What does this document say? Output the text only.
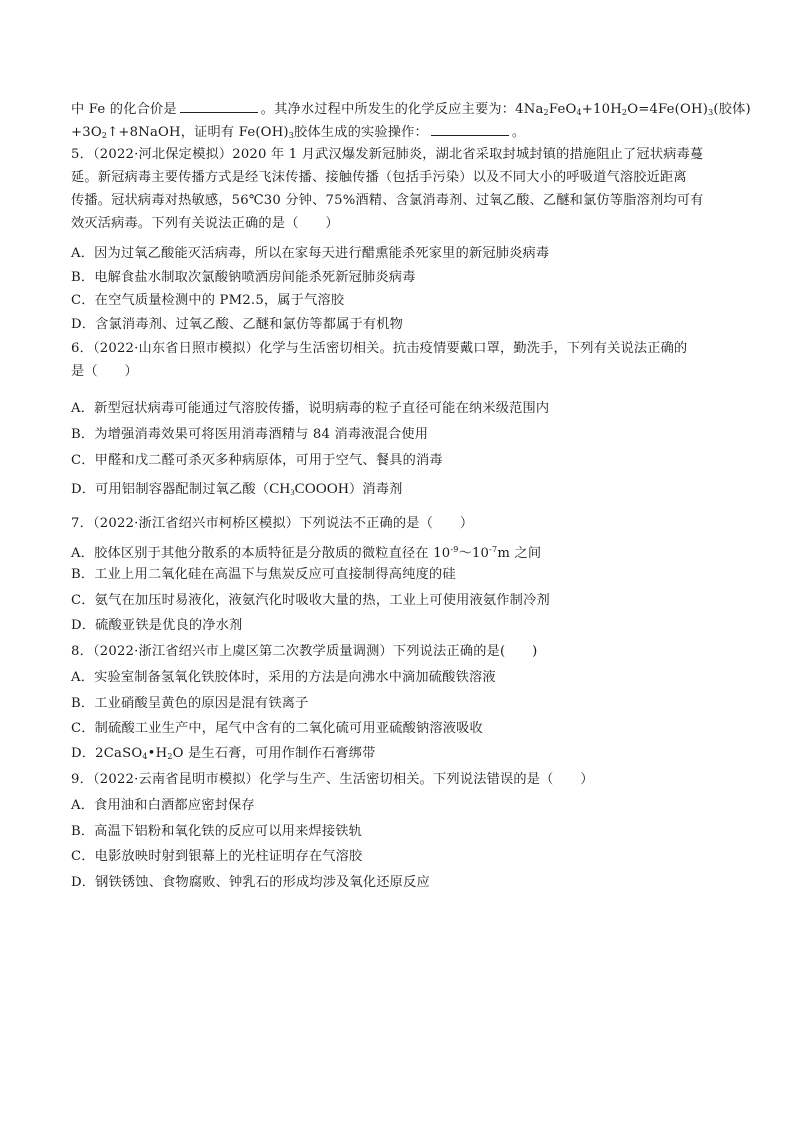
中 Fe 的化合价是	。其净水过程中所发生的化学反应主要为：$4Na_2FeO_4+10H_2O=4Fe(OH)_3$(胶体)
$+3O_2↑+8NaOH$，证明有 $Fe(OH)_3$胶体生成的实验操作：	。
5．（2022·河北保定模拟）2020 年 1 月武汉爆发新冠肺炎，湖北省采取封城封镇的措施阻止了冠状病毒蔓
延。新冠病毒主要传播方式是经飞沫传播、接触传播（包括手污染）以及不同大小的呼吸道气溶胶近距离
传播。冠状病毒对热敏感，56℃30 分钟、75%酒精、含氯消毒剂、过氧乙酸、乙醚和氯仿等脂溶剂均可有
效灭活病毒。下列有关说法正确的是（　　）
A．因为过氧乙酸能灭活病毒，所以在家每天进行醋熏能杀死家里的新冠肺炎病毒
B．电解食盐水制取次氯酸钠喷洒房间能杀死新冠肺炎病毒
C．在空气质量检测中的 PM2.5，属于气溶胶
D．含氯消毒剂、过氧乙酸、乙醚和氯仿等都属于有机物
6．（2022·山东省日照市模拟）化学与生活密切相关。抗击疫情要戴口罩，勤洗手，下列有关说法正确的
是（　　）
A．新型冠状病毒可能通过气溶胶传播，说明病毒的粒子直径可能在纳米级范围内
B．为增强消毒效果可将医用消毒酒精与 84 消毒液混合使用
C．甲醛和戊二醛可杀灭多种病原体，可用于空气、餐具的消毒
D．可用铝制容器配制过氧乙酸$(CH_3COOOH)$消毒剂
7．（2022·浙江省绍兴市柯桥区模拟）下列说法不正确的是（　　）
A．胶体区别于其他分散系的本质特征是分散质的微粒直径在 $10^{-9}\sim 10^{-7}m$ 之间
B．工业上用二氧化硅在高温下与焦炭反应可直接制得高纯度的硅
C．氨气在加压时易液化，液氨汽化时吸收大量的热，工业上可使用液氨作制冷剂
D．硫酸亚铁是优良的净水剂
8．（2022·浙江省绍兴市上虞区第二次教学质量调测）下列说法正确的是(　　)
A．实验室制备氢氧化铁胶体时，采用的方法是向沸水中滴加硫酸铁溶液
B．工业硝酸呈黄色的原因是混有铁离子
C．制硫酸工业生产中，尾气中含有的二氧化硫可用亚硫酸钠溶液吸收
D．$2CaSO_4•H_2O$ 是生石膏，可用作制作石膏绑带
9．（2022·云南省昆明市模拟）化学与生产、生活密切相关。下列说法错误的是（　　）
A．食用油和白酒都应密封保存
B．高温下铝粉和氧化铁的反应可以用来焊接铁轨
C．电影放映时射到银幕上的光柱证明存在气溶胶
D．钢铁锈蚀、食物腐败、钟乳石的形成均涉及氧化还原反应
